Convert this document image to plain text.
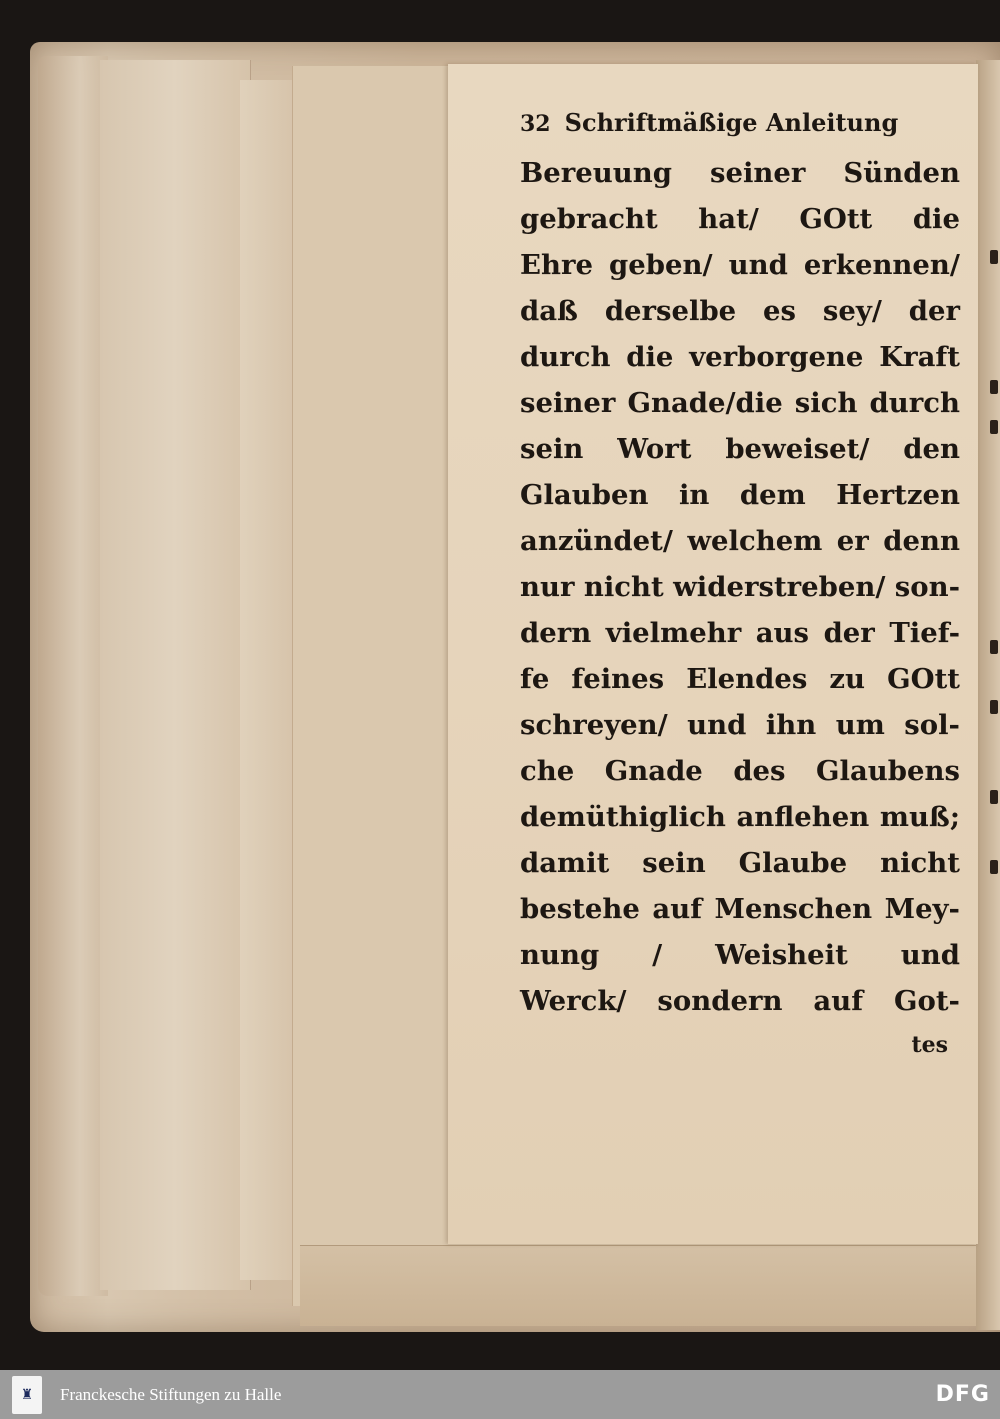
32 Schriftmäßige Anleitung
Bereuung seiner Sünden
gebracht hat/ GOtt die
Ehre geben/ und erkennen/
daß derselbe es sey/ der
durch die verborgene Kraft
seiner Gnade/die sich durch
sein Wort beweiset/ den
Glauben in dem Hertzen
anzündet/ welchem er denn
nur nicht widerstreben/ son-
dern vielmehr aus der Tief-
fe feines Elendes zu GOtt
schreyen/ und ihn um sol-
che Gnade des Glaubens
demüthiglich anflehen muß;
damit sein Glaube nicht
bestehe auf Menschen Mey-
nung / Weisheit und
Werck/ sondern auf Got-
tes
♜ Franckesche Stiftungen zu Halle	DFG
